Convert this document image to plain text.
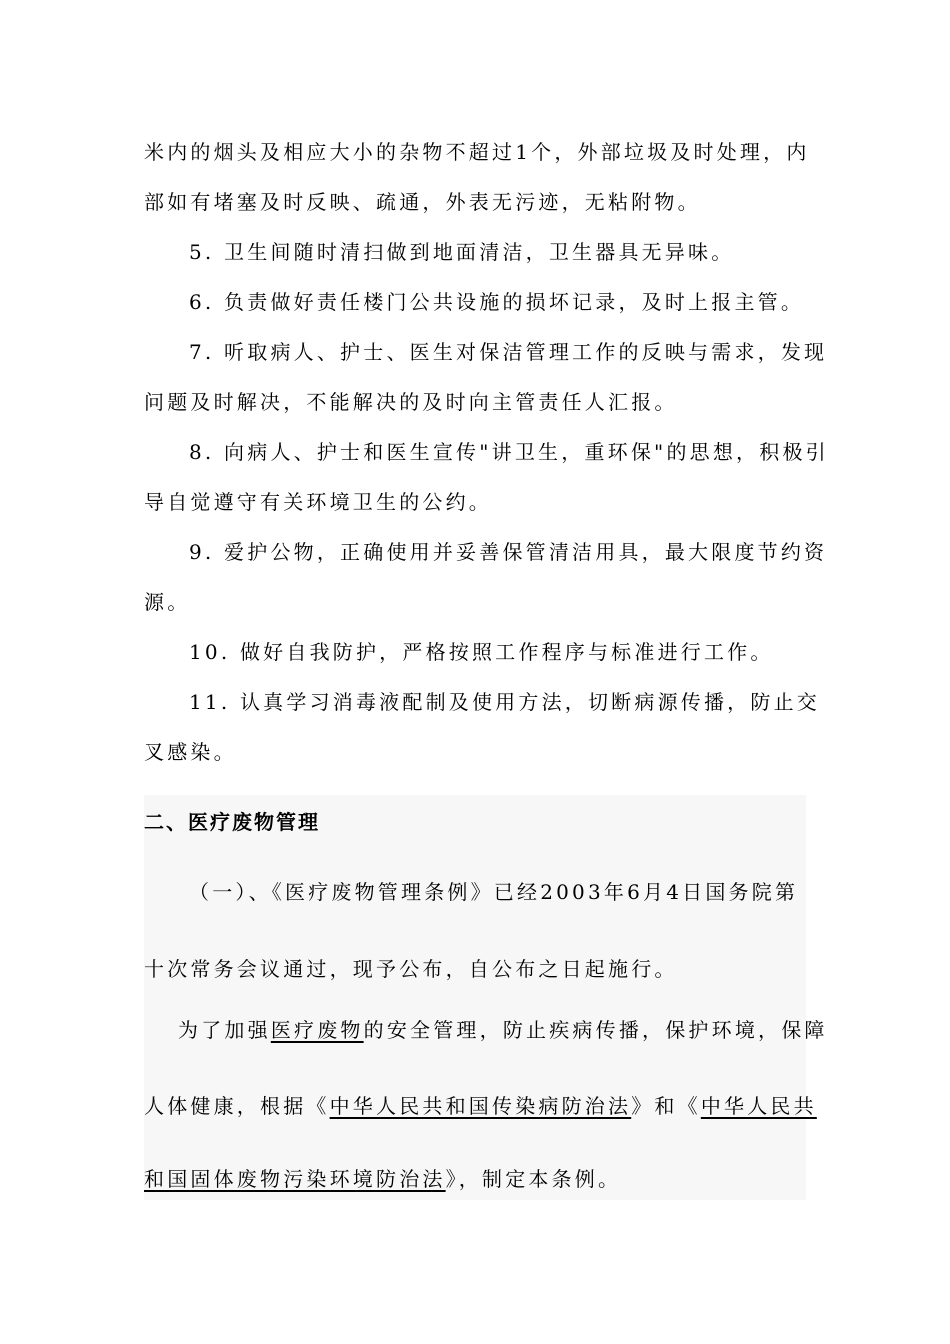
米内的烟头及相应大小的杂物不超过1个，外部垃圾及时处理，内
部如有堵塞及时反映、疏通，外表无污迹，无粘附物。
5. 卫生间随时清扫做到地面清洁，卫生器具无异味。
6. 负责做好责任楼门公共设施的损坏记录，及时上报主管。
7. 听取病人、护士、医生对保洁管理工作的反映与需求，发现
问题及时解决，不能解决的及时向主管责任人汇报。
8. 向病人、护士和医生宣传"讲卫生，重环保"的思想，积极引
导自觉遵守有关环境卫生的公约。
9. 爱护公物，正确使用并妥善保管清洁用具，最大限度节约资
源。
10. 做好自我防护，严格按照工作程序与标准进行工作。
11. 认真学习消毒液配制及使用方法，切断病源传播，防止交
叉感染。
二、医疗废物管理
（一）、《医疗废物管理条例》已经2003年6月4日国务院第
十次常务会议通过，现予公布，自公布之日起施行。
为了加强医疗废物的安全管理，防止疾病传播，保护环境，保障
人体健康，根据《中华人民共和国传染病防治法》和《中华人民共
和国固体废物污染环境防治法》，制定本条例。
